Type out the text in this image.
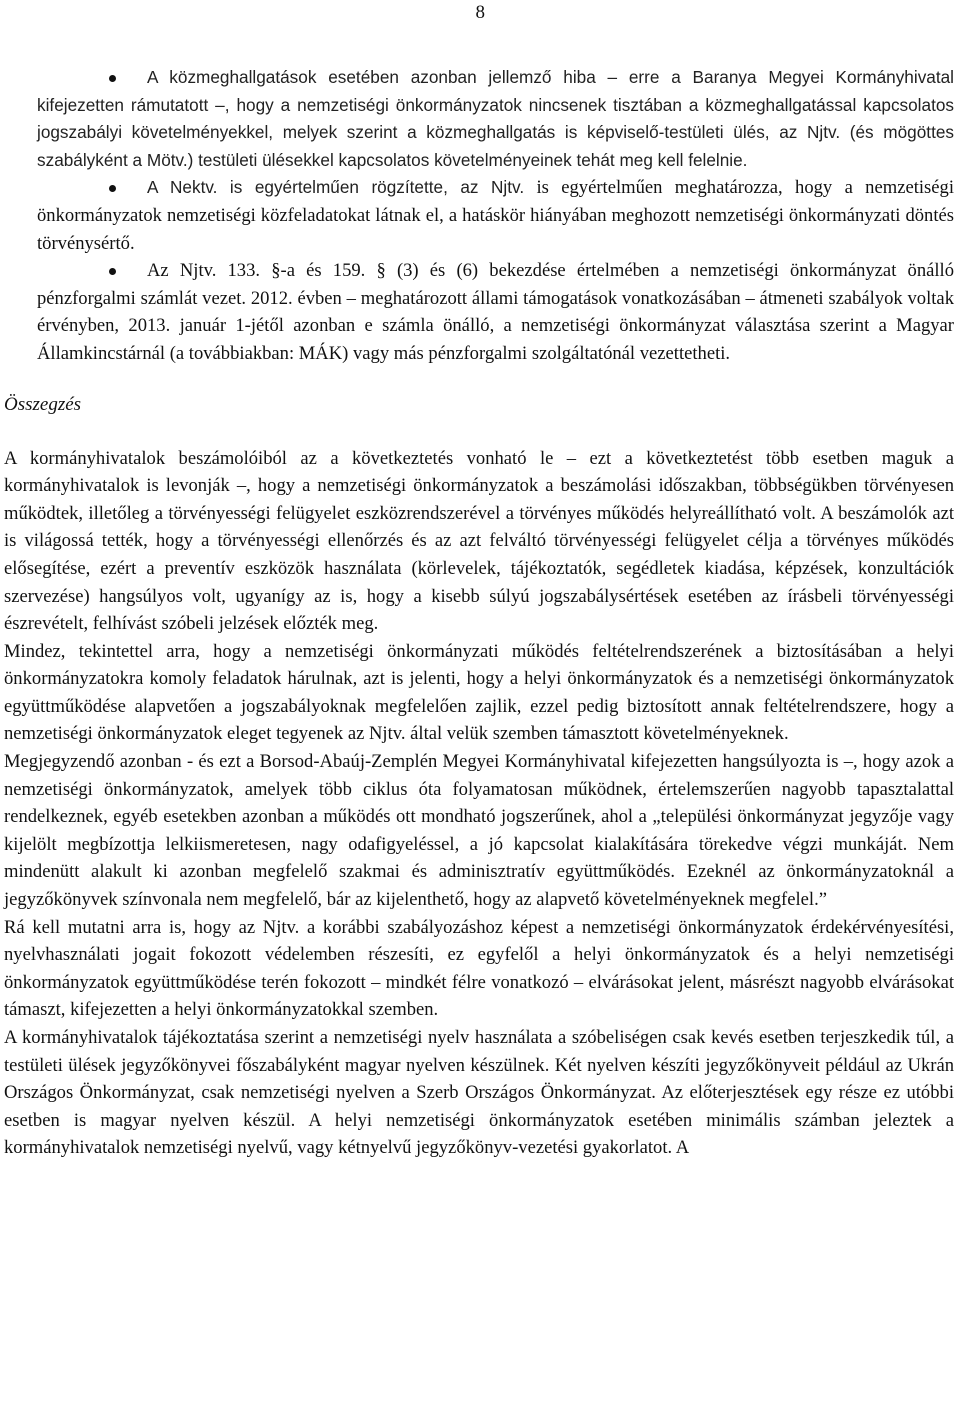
8
A közmeghallgatások esetében azonban jellemző hiba – erre a Baranya Megyei Kormányhivatal kifejezetten rámutatott –, hogy a nemzetiségi önkormányzatok nincsenek tisztában a közmeghallgatással kapcsolatos jogszabályi követelményekkel, melyek szerint a közmeghallgatás is képviselő-testületi ülés, az Njtv. (és mögöttes szabályként a Mötv.) testületi ülésekkel kapcsolatos követelményeinek tehát meg kell felelnie.
A Nektv. is egyértelműen rögzítette, az Njtv. is egyértelműen meghatározza, hogy a nemzetiségi önkormányzatok nemzetiségi közfeladatokat látnak el, a hatáskör hiányában meghozott nemzetiségi önkormányzati döntés törvénysértő.
Az Njtv. 133. §-a és 159. § (3) és (6) bekezdése értelmében a nemzetiségi önkormányzat önálló pénzforgalmi számlát vezet. 2012. évben – meghatározott állami támogatások vonatkozásában – átmeneti szabályok voltak érvényben, 2013. január 1-jétől azonban e számla önálló, a nemzetiségi önkormányzat választása szerint a Magyar Államkincstárnál (a továbbiakban: MÁK) vagy más pénzforgalmi szolgáltatónál vezettetheti.
Összegzés

A kormányhivatalok beszámolóiból az a következtetés vonható le – ezt a következtetést több esetben maguk a kormányhivatalok is levonják –, hogy a nemzetiségi önkormányzatok a beszámolási időszakban, többségükben törvényesen működtek, illetőleg a törvényességi felügyelet eszközrendszerével a törvényes működés helyreállítható volt. A beszámolók azt is világossá tették, hogy a törvényességi ellenőrzés és az azt felváltó törvényességi felügyelet célja a törvényes működés elősegítése, ezért a preventív eszközök használata (körlevelek, tájékoztatók, segédletek kiadása, képzések, konzultációk szervezése) hangsúlyos volt, ugyanígy az is, hogy a kisebb súlyú jogszabálysértések esetében az írásbeli törvényességi észrevételt, felhívást szóbeli jelzések előzték meg.

Mindez, tekintettel arra, hogy a nemzetiségi önkormányzati működés feltételrendszerének a biztosításában a helyi önkormányzatokra komoly feladatok hárulnak, azt is jelenti, hogy a helyi önkormányzatok és a nemzetiségi önkormányzatok együttműködése alapvetően a jogszabályoknak megfelelően zajlik, ezzel pedig biztosított annak feltételrendszere, hogy a nemzetiségi önkormányzatok eleget tegyenek az Njtv. által velük szemben támasztott követelményeknek.

Megjegyzendő azonban - és ezt a Borsod-Abaúj-Zemplén Megyei Kormányhivatal kifejezetten hangsúlyozta is –, hogy azok a nemzetiségi önkormányzatok, amelyek több ciklus óta folyamatosan működnek, értelemszerűen nagyobb tapasztalattal rendelkeznek, egyéb esetekben azonban a működés ott mondható jogszerűnek, ahol a „települési önkormányzat jegyzője vagy kijelölt megbízottja lelkiismeretesen, nagy odafigyeléssel, a jó kapcsolat kialakítására törekedve végzi munkáját. Nem mindenütt alakult ki azonban megfelelő szakmai és adminisztratív együttműködés. Ezeknél az önkormányzatoknál a jegyzőkönyvek színvonala nem megfelelő, bár az kijelenthető, hogy az alapvető követelményeknek megfelel.”

Rá kell mutatni arra is, hogy az Njtv. a korábbi szabályozáshoz képest a nemzetiségi önkormányzatok érdekérvényesítési, nyelvhasználati jogait fokozott védelemben részesíti, ez egyfelől a helyi önkormányzatok és a helyi nemzetiségi önkormányzatok együttműködése terén fokozott – mindkét félre vonatkozó – elvárásokat jelent, másrészt nagyobb elvárásokat támaszt, kifejezetten a helyi önkormányzatokkal szemben.

A kormányhivatalok tájékoztatása szerint a nemzetiségi nyelv használata a szóbeliségen csak kevés esetben terjeszkedik túl, a testületi ülések jegyzőkönyvei főszabályként magyar nyelven készülnek. Két nyelven készíti jegyzőkönyveit például az Ukrán Országos Önkormányzat, csak nemzetiségi nyelven a Szerb Országos Önkormányzat. Az előterjesztések egy része ez utóbbi esetben is magyar nyelven készül. A helyi nemzetiségi önkormányzatok esetében minimális számban jeleztek a kormányhivatalok nemzetiségi nyelvű, vagy kétnyelvű jegyzőkönyv-vezetési gyakorlatot. A
